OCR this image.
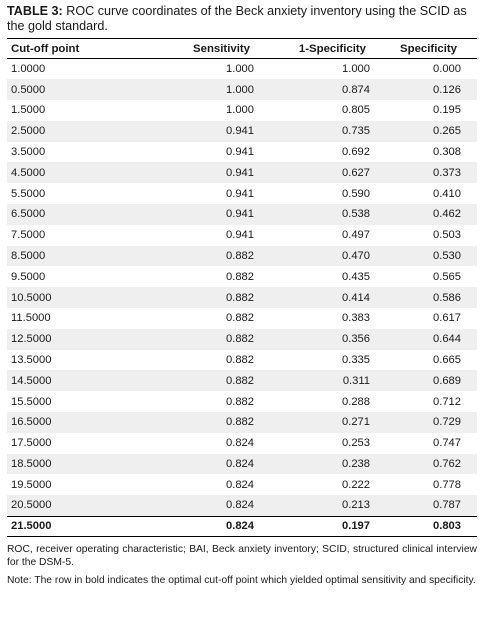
TABLE 3: ROC curve coordinates of the Beck anxiety inventory using the SCID as the gold standard.
Cut-off point	Sensitivity	1-Specificity	Specificity
1.0000	1.000	1.000	0.000
0.5000	1.000	0.874	0.126
1.5000	1.000	0.805	0.195
2.5000	0.941	0.735	0.265
3.5000	0.941	0.692	0.308
4.5000	0.941	0.627	0.373
5.5000	0.941	0.590	0.410
6.5000	0.941	0.538	0.462
7.5000	0.941	0.497	0.503
8.5000	0.882	0.470	0.530
9.5000	0.882	0.435	0.565
10.5000	0.882	0.414	0.586
11.5000	0.882	0.383	0.617
12.5000	0.882	0.356	0.644
13.5000	0.882	0.335	0.665
14.5000	0.882	0.311	0.689
15.5000	0.882	0.288	0.712
16.5000	0.882	0.271	0.729
17.5000	0.824	0.253	0.747
18.5000	0.824	0.238	0.762
19.5000	0.824	0.222	0.778
20.5000	0.824	0.213	0.787
21.5000	0.824	0.197	0.803

ROC, receiver operating characteristic; BAI, Beck anxiety inventory; SCID, structured clinical interview for the DSM-5.

Note: The row in bold indicates the optimal cut-off point which yielded optimal sensitivity and specificity.
